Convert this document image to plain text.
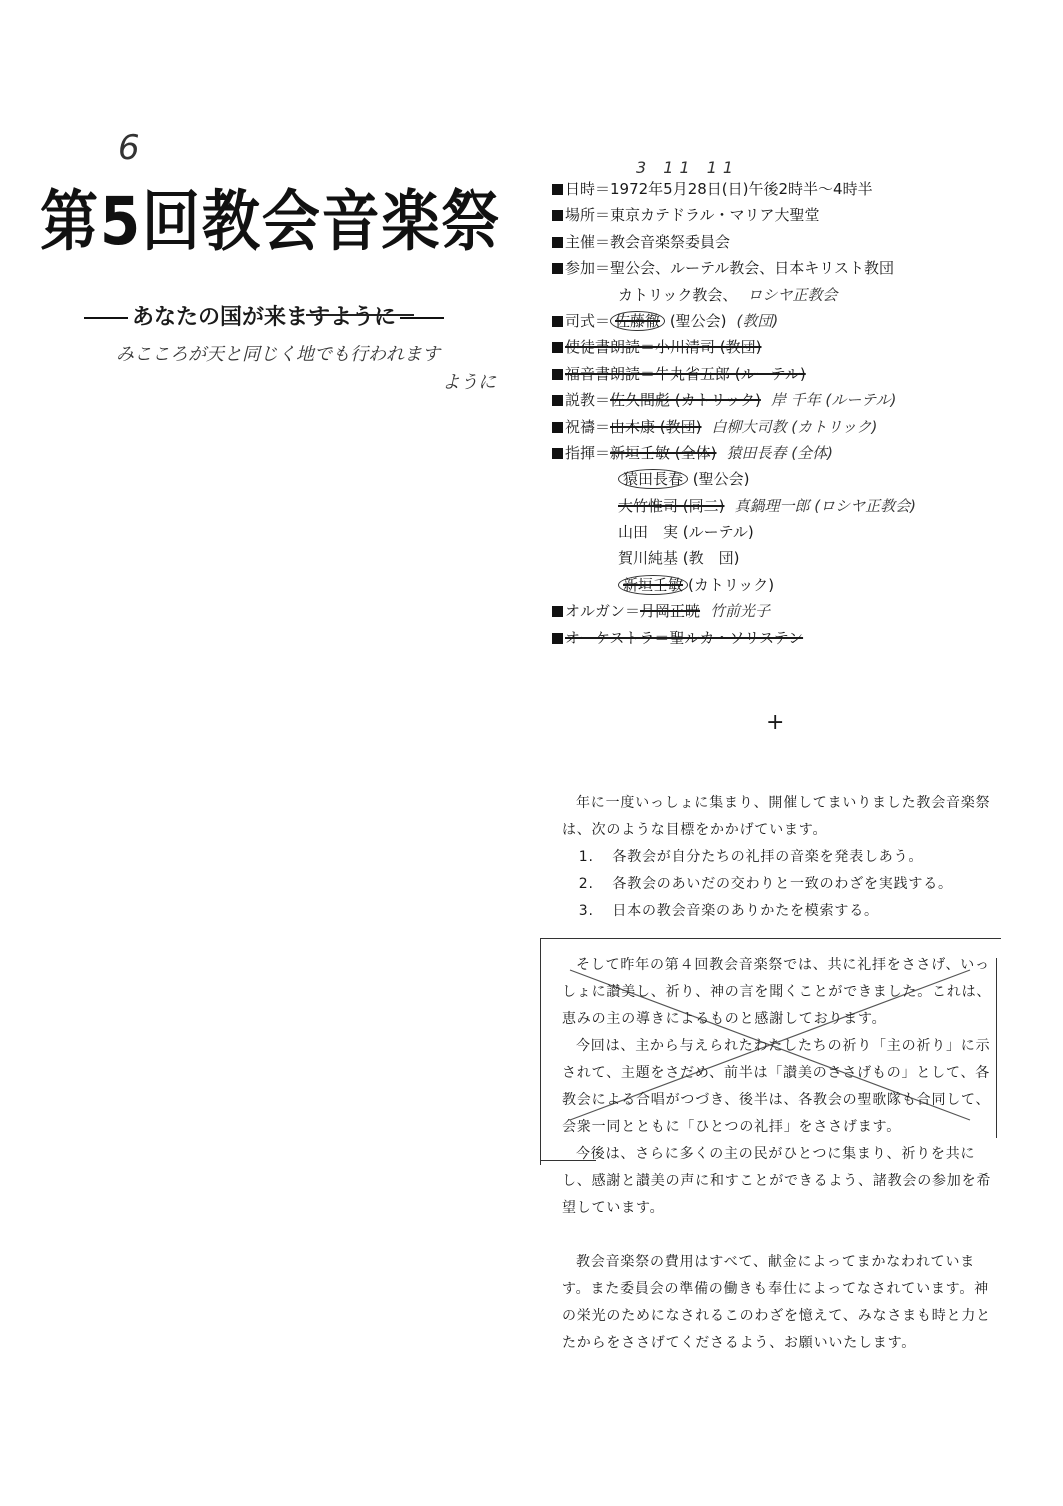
6	3 11 11
第5回教会音楽祭
あなたの国が来ますように
みこころが天と同じく地でも行われます
ように
日時＝1972年5月28日(日)午後2時半～4時半
場所＝東京カテドラル・マリア大聖堂
主催＝教会音楽祭委員会
参加＝聖公会、ルーテル教会、日本キリスト教団
カトリック教会、 ロシヤ正教会
司式＝ 佐藤徹 (聖公会) (教団)
使徒書朗読＝小川清司 (教団)
福音書朗読＝牛丸省五郎 (ルーテル)
説教＝佐久間彪 (カトリック) 岸 千年 (ルーテル)
祝禱＝由木康 (教団) 白柳大司教 (カトリック)
指揮＝新垣壬敏 (全体) 猿田長春 (全体)
猿田長春 (聖公会)
大竹惟司 (同二) 真鍋理一郎 (ロシヤ正教会)
山田　実 (ルーテル)
賀川純基 (教　団)
新垣壬敏 (カトリック)
オルガン＝月岡正暁 竹前光子
オーケストラ＝聖ルカ・ソリステン
+

年に一度いっしょに集まり、開催してまいりました教会音楽祭は、次のような目標をかかげています。

1. 各教会が自分たちの礼拝の音楽を発表しあう。
2. 各教会のあいだの交わりと一致のわざを実践する。
3. 日本の教会音楽のありかたを模索する。

そして昨年の第４回教会音楽祭では、共に礼拝をささげ、いっしょに讃美し、祈り、神の言を聞くことができました。これは、恵みの主の導きによるものと感謝しております。

今回は、主から与えられたわたしたちの祈り「主の祈り」に示されて、主題をさだめ、前半は「讃美のささげもの」として、各教会による合唱がつづき、後半は、各教会の聖歌隊も合同して、会衆一同とともに「ひとつの礼拝」をささげます。

今後は、さらに多くの主の民がひとつに集まり、祈りを共にし、感謝と讃美の声に和すことができるよう、諸教会の参加を希望しています。

教会音楽祭の費用はすべて、献金によってまかなわれています。また委員会の準備の働きも奉仕によってなされています。神の栄光のためになされるこのわざを憶えて、みなさまも時と力とたからをささげてくださるよう、お願いいたします。
